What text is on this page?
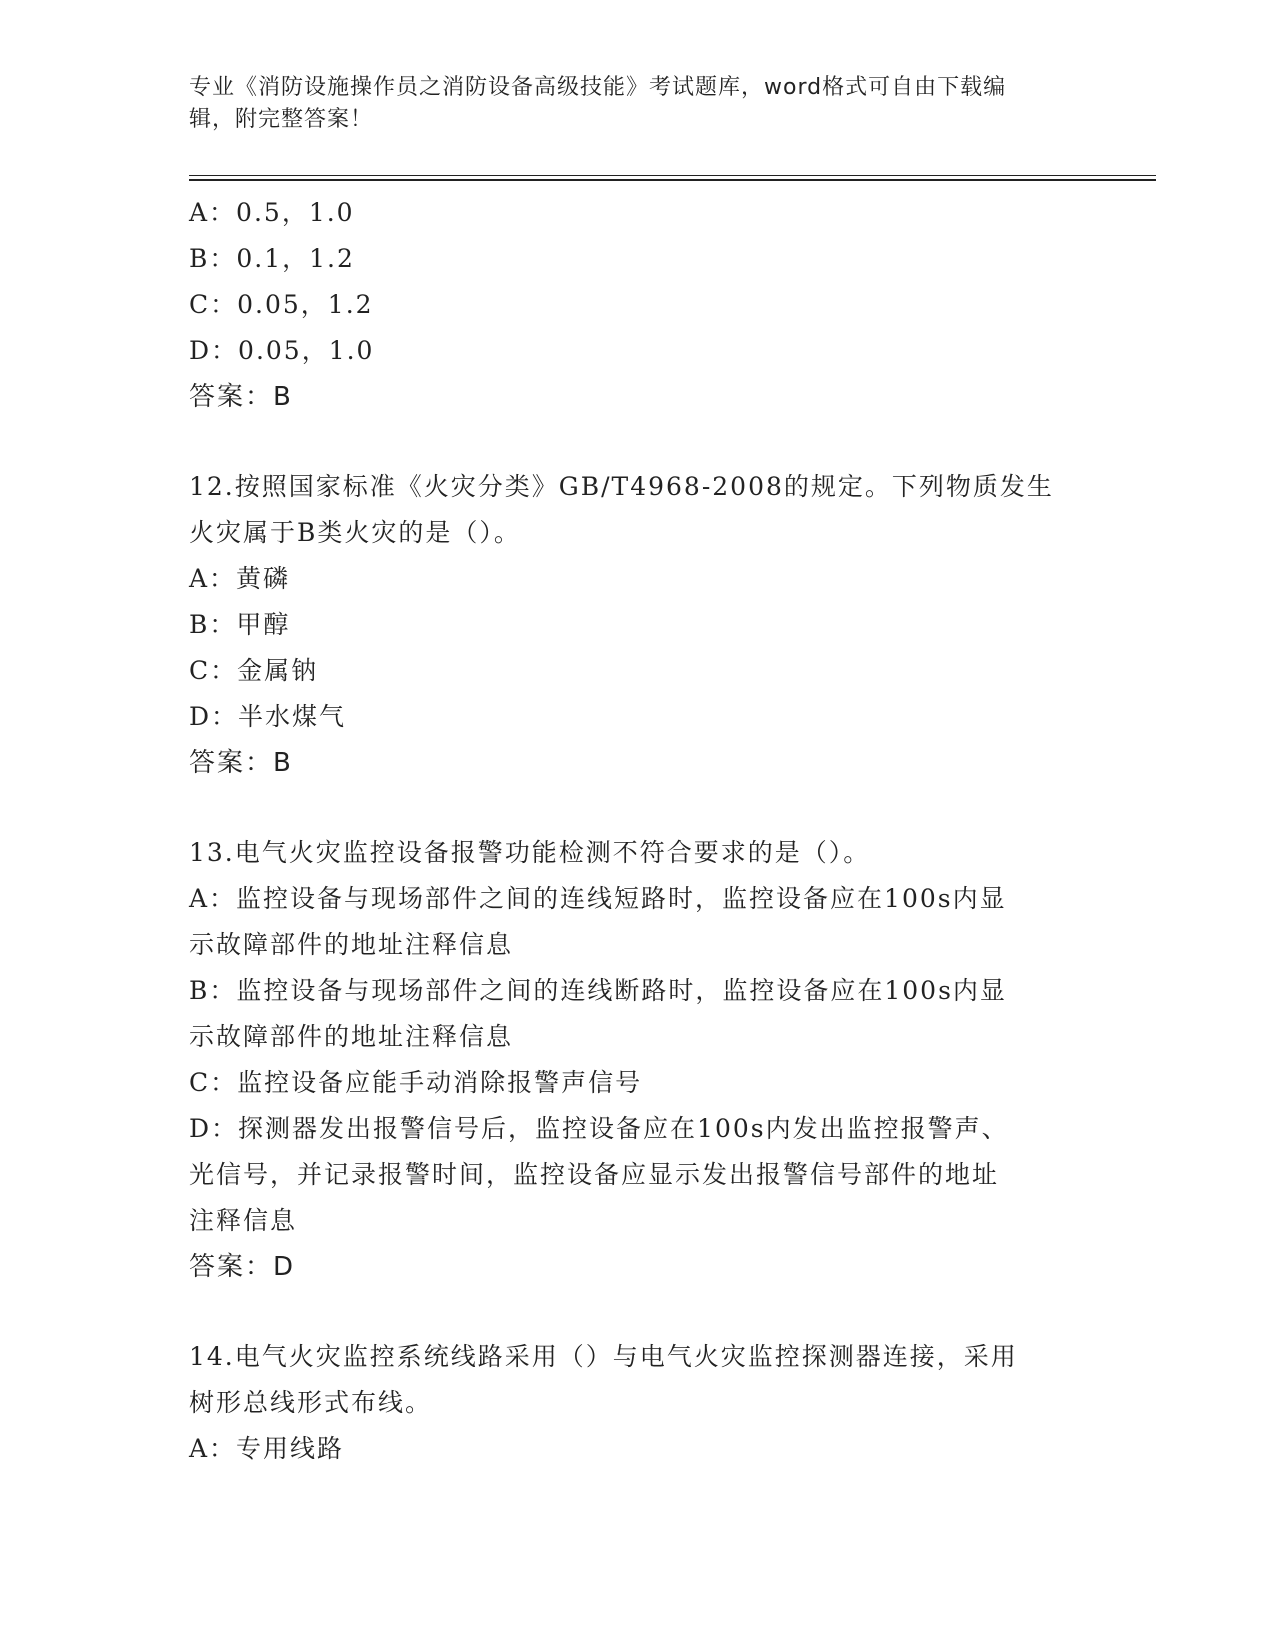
专业《消防设施操作员之消防设备高级技能》考试题库，word格式可自由下载编
辑，附完整答案！
A：0.5，1.0
B：0.1，1.2
C：0.05，1.2
D：0.05，1.0
答案：B
12.按照国家标准《火灾分类》GB/T4968-2008的规定。下列物质发生
火灾属于B类火灾的是（）。
A：黄磷
B：甲醇
C：金属钠
D：半水煤气
答案：B
13.电气火灾监控设备报警功能检测不符合要求的是（）。
A：监控设备与现场部件之间的连线短路时，监控设备应在100s内显
示故障部件的地址注释信息
B：监控设备与现场部件之间的连线断路时，监控设备应在100s内显
示故障部件的地址注释信息
C：监控设备应能手动消除报警声信号
D：探测器发出报警信号后，监控设备应在100s内发出监控报警声、
光信号，并记录报警时间，监控设备应显示发出报警信号部件的地址
注释信息
答案：D
14.电气火灾监控系统线路采用（）与电气火灾监控探测器连接，采用
树形总线形式布线。
A：专用线路
